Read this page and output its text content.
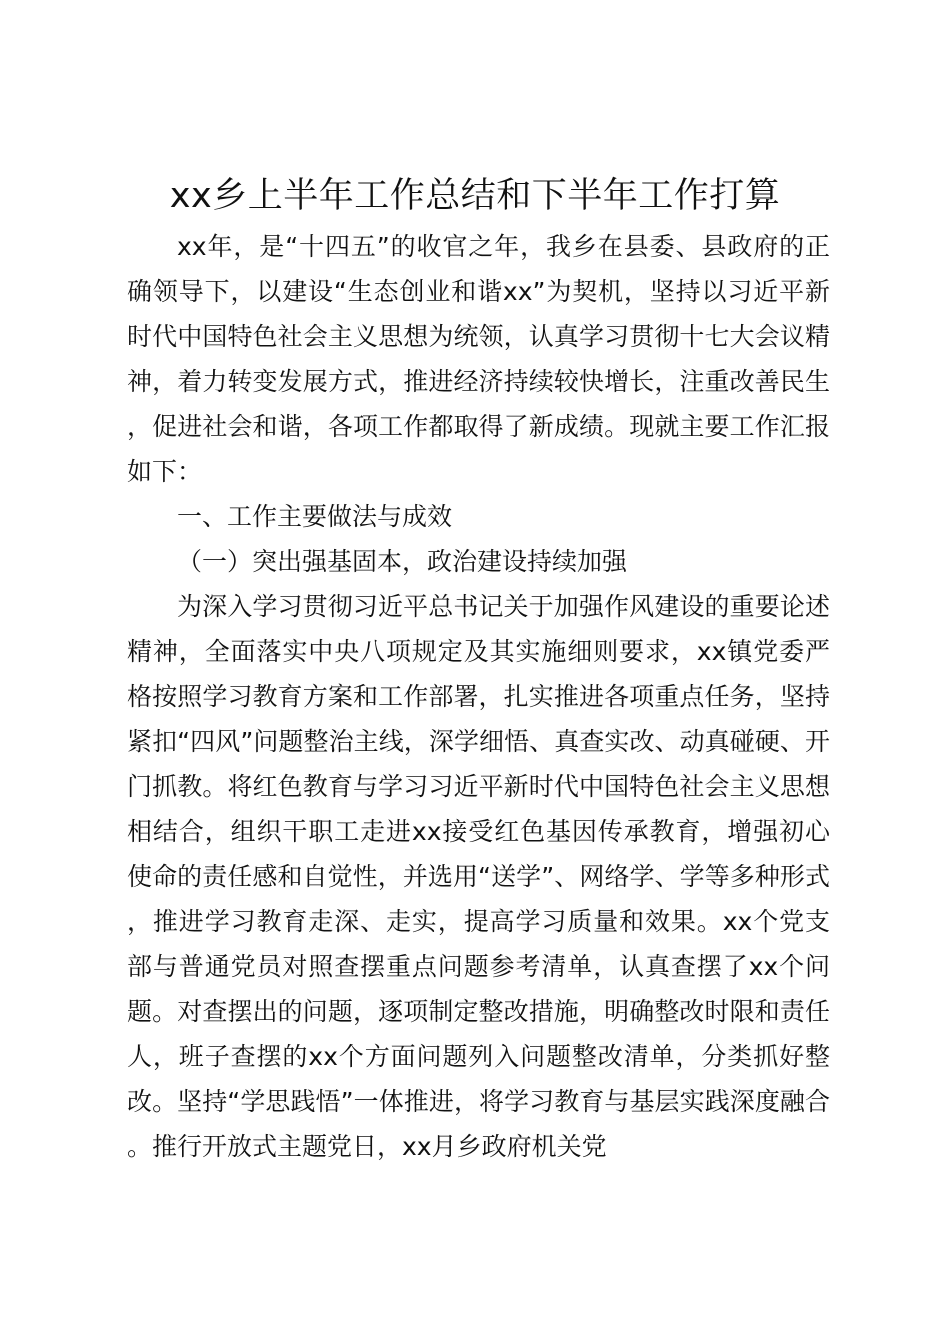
xx乡上半年工作总结和下半年工作打算

xx年，是“十四五”的收官之年，我乡在县委、县政府的正确领导下，以建设“生态创业和谐xx”为契机，坚持以习近平新时代中国特色社会主义思想为统领，认真学习贯彻十七大会议精神，着力转变发展方式，推进经济持续较快增长，注重改善民生，促进社会和谐，各项工作都取得了新成绩。现就主要工作汇报如下：

一、工作主要做法与成效

（一）突出强基固本，政治建设持续加强

为深入学习贯彻习近平总书记关于加强作风建设的重要论述精神，全面落实中央八项规定及其实施细则要求，xx镇党委严格按照学习教育方案和工作部署，扎实推进各项重点任务，坚持紧扣“四风”问题整治主线，深学细悟、真查实改、动真碰硬、开门抓教。将红色教育与学习习近平新时代中国特色社会主义思想相结合，组织干职工走进xx接受红色基因传承教育，增强初心使命的责任感和自觉性，并选用“送学”、网络学、学等多种形式，推进学习教育走深、走实，提高学习质量和效果。xx个党支部与普通党员对照查摆重点问题参考清单，认真查摆了xx个问题。对查摆出的问题，逐项制定整改措施，明确整改时限和责任人，班子查摆的xx个方面问题列入问题整改清单，分类抓好整改。坚持“学思践悟”一体推进，将学习教育与基层实践深度融合。推行开放式主题党日，xx月乡政府机关党
